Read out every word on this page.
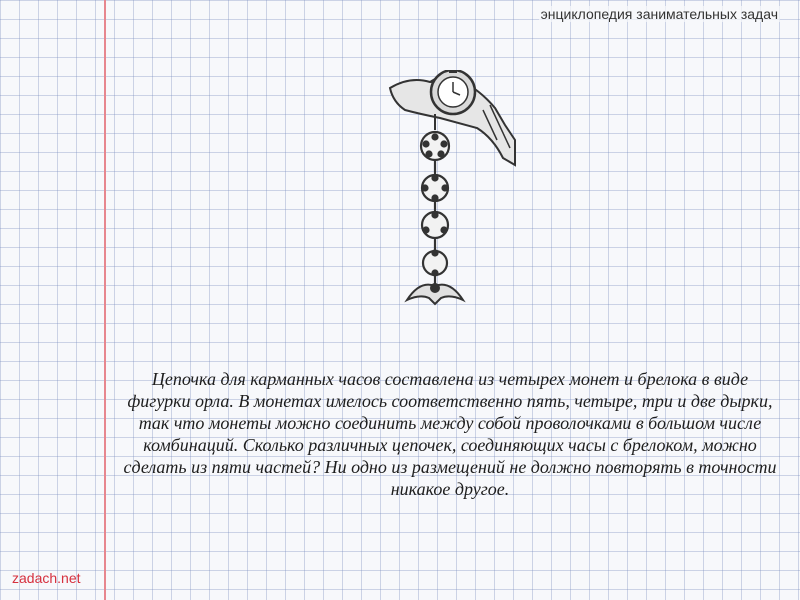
энциклопедия занимательных задач
Цепочка для карманных часов составлена из четырех монет и брелока в виде фигурки орла. В монетах имелось соответственно пять, четыре, три и две дырки, так что монеты можно соединить между собой проволочками в большом числе комбинаций. Сколько различных цепочек, соединяющих часы с брелоком, можно сделать из пяти частей? Ни одно из размещений не должно повторять в точности никакое другое.
zadach.net
